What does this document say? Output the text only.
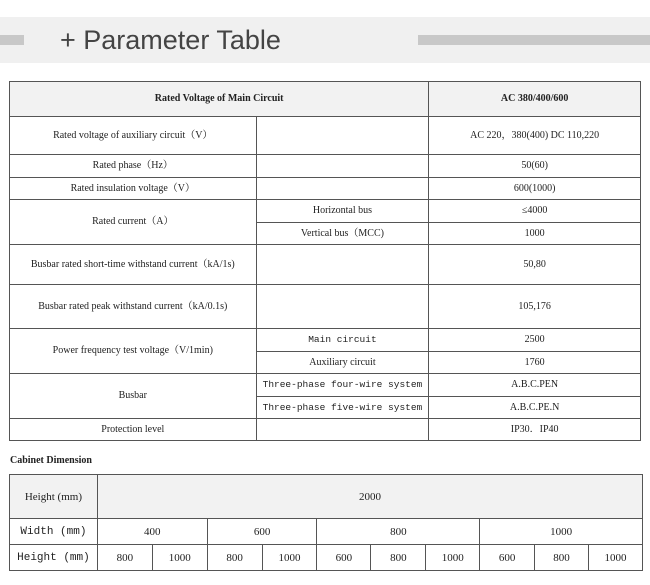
+ Parameter Table
Rated Voltage of Main Circuit		AC 380/400/600
Rated voltage of auxiliary circuit（V）		AC 220，380(400) DC 110,220
Rated phase（Hz）		50(60)
Rated insulation voltage（V）		600(1000)
Rated current（A）	Horizontal bus	≤4000
	Vertical bus（MCC)	1000
Busbar rated short-time withstand current（kA/1s)		50,80
Busbar rated peak withstand current（kA/0.1s)		105,176
Power frequency test voltage（V/1min)	Main circuit	2500
	Auxiliary circuit	1760
Busbar	Three-phase four-wire system	A.B.C.PEN
	Three-phase five-wire system	A.B.C.PE.N
Protection level		IP30．IP40
Cabinet Dimension
Height (mm)	2000									
Width (mm)	400		600		800			1000		
Height (mm)	800	1000	800	1000	600	800	1000	600	800	1000
